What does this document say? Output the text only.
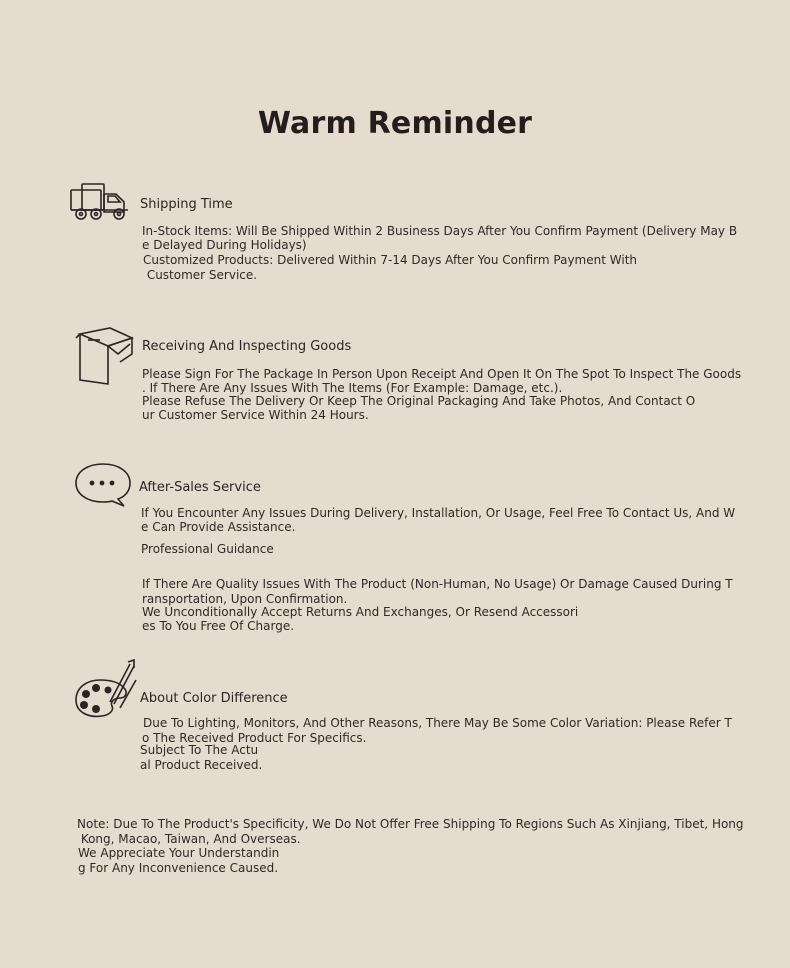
Warm Reminder
Shipping Time
In-Stock Items: Will Be Shipped Within 2 Business Days After You Confirm Payment (Delivery May B
e Delayed During Holidays)
Customized Products: Delivered Within 7-14 Days After You Confirm Payment With
Customer Service.
Receiving And Inspecting Goods
Please Sign For The Package In Person Upon Receipt And Open It On The Spot To Inspect The Goods
. If There Are Any Issues With The Items (For Example: Damage, etc.).
Please Refuse The Delivery Or Keep The Original Packaging And Take Photos, And Contact O
ur Customer Service Within 24 Hours.
After-Sales Service
If You Encounter Any Issues During Delivery, Installation, Or Usage, Feel Free To Contact Us, And W
e Can Provide Assistance.
Professional Guidance
If There Are Quality Issues With The Product (Non-Human, No Usage) Or Damage Caused During T
ransportation, Upon Confirmation.
We Unconditionally Accept Returns And Exchanges, Or Resend Accessori
es To You Free Of Charge.
About Color Difference
Due To Lighting, Monitors, And Other Reasons, There May Be Some Color Variation: Please Refer T
o The Received Product For Specifics.
Subject To The Actu
al Product Received.
Note: Due To The Product's Specificity, We Do Not Offer Free Shipping To Regions Such As Xinjiang, Tibet, Hong
Kong, Macao, Taiwan, And Overseas.
We Appreciate Your Understandin
g For Any Inconvenience Caused.
